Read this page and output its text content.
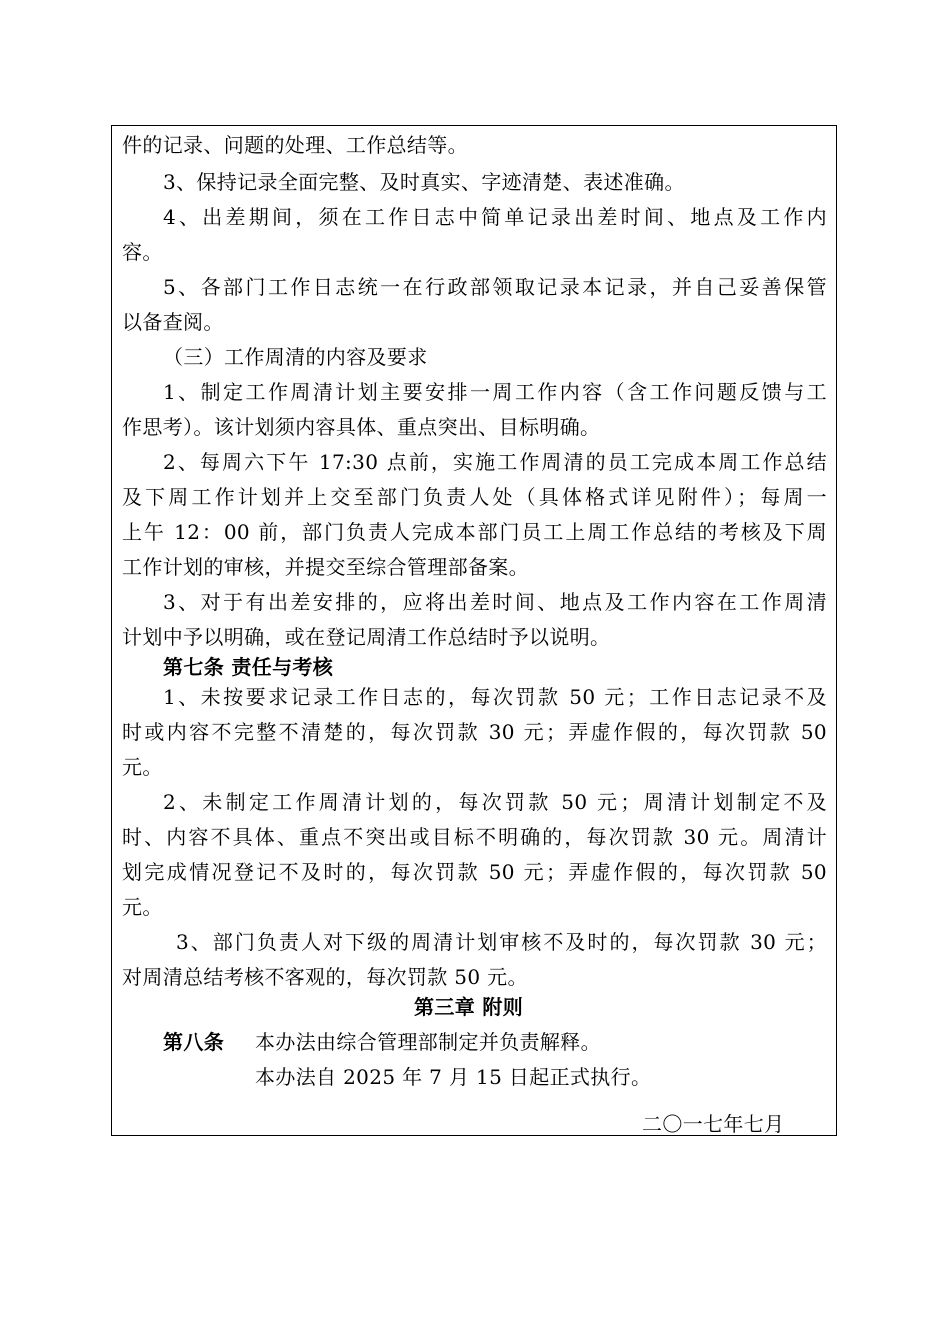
件的记录、问题的处理、工作总结等。
3、保持记录全面完整、及时真实、字迹清楚、表述准确。
4、出差期间，须在工作日志中简单记录出差时间、地点及工作内
容。
5、各部门工作日志统一在行政部领取记录本记录，并自己妥善保管
以备查阅。
（三）工作周清的内容及要求
1、制定工作周清计划主要安排一周工作内容（含工作问题反馈与工
作思考）。该计划须内容具体、重点突出、目标明确。
2、每周六下午 17:30 点前，实施工作周清的员工完成本周工作总结
及下周工作计划并上交至部门负责人处（具体格式详见附件）；每周一
上午 12：00 前，部门负责人完成本部门员工上周工作总结的考核及下周
工作计划的审核，并提交至综合管理部备案。
3、对于有出差安排的，应将出差时间、地点及工作内容在工作周清
计划中予以明确，或在登记周清工作总结时予以说明。
第七条 责任与考核
1、未按要求记录工作日志的，每次罚款 50 元；工作日志记录不及
时或内容不完整不清楚的，每次罚款 30 元；弄虚作假的，每次罚款 50
元。
2、未制定工作周清计划的，每次罚款 50 元；周清计划制定不及
时、内容不具体、重点不突出或目标不明确的，每次罚款 30 元。周清计
划完成情况登记不及时的，每次罚款 50 元；弄虚作假的，每次罚款 50
元。
3、部门负责人对下级的周清计划审核不及时的，每次罚款 30 元；
对周清总结考核不客观的，每次罚款 50 元。
第三章 附则
第八条 本办法由综合管理部制定并负责解释。
本办法自 2025 年 7 月 15 日起正式执行。
二〇一七年七月
